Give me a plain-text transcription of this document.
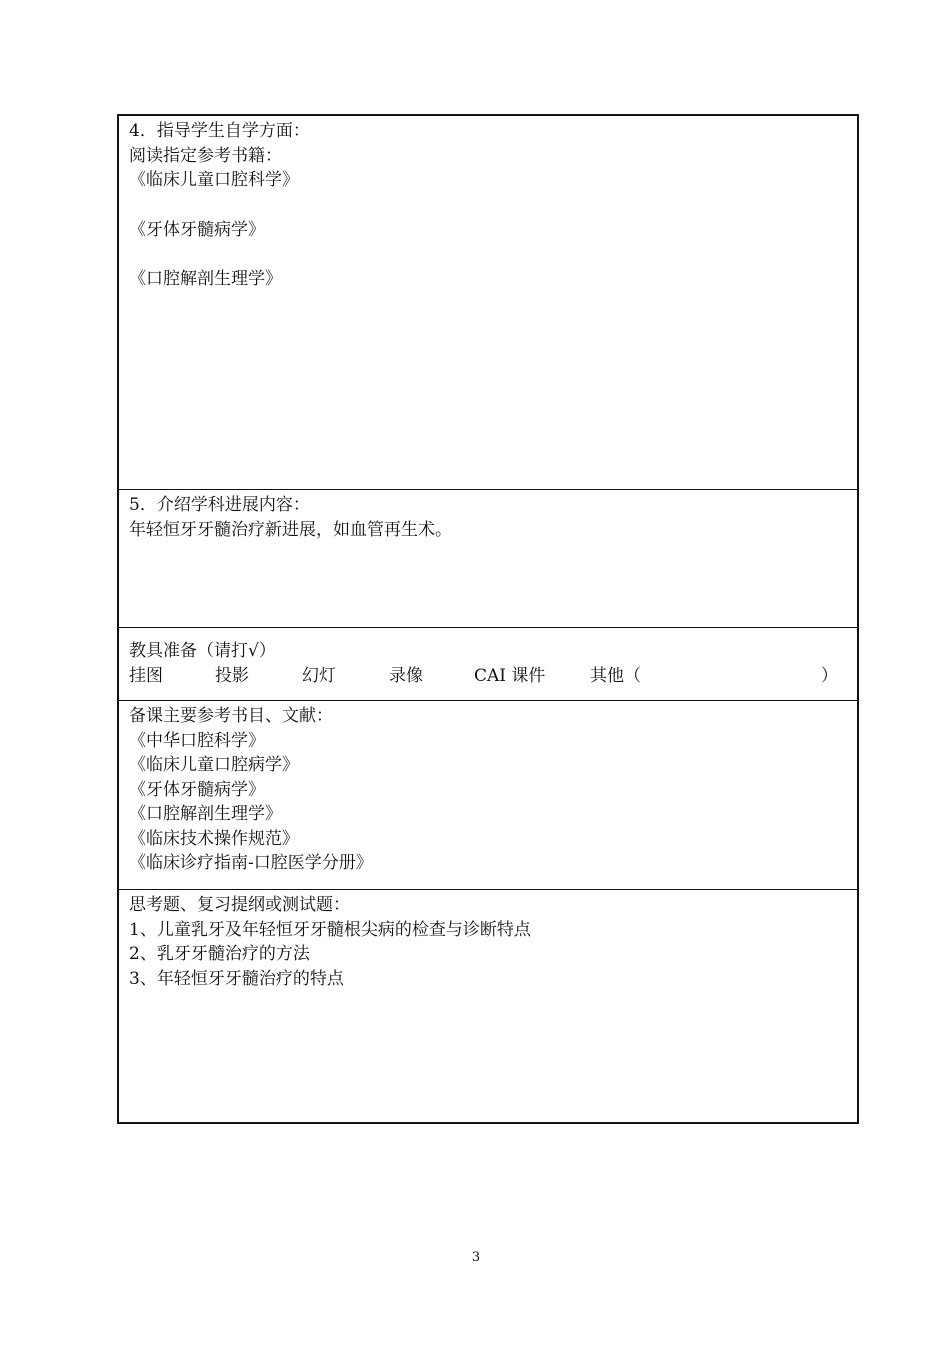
4．指导学生自学方面：
阅读指定参考书籍：
《临床儿童口腔科学》
《牙体牙髓病学》
《口腔解剖生理学》
5．介绍学科进展内容：
年轻恒牙牙髓治疗新进展，如血管再生术。
教具准备（请打√）
挂图	投影	幻灯	录像	CAI 课件	其他（	）
备课主要参考书目、文献：
《中华口腔科学》
《临床儿童口腔病学》
《牙体牙髓病学》
《口腔解剖生理学》
《临床技术操作规范》
《临床诊疗指南-口腔医学分册》
思考题、复习提纲或测试题：
1、儿童乳牙及年轻恒牙牙髓根尖病的检查与诊断特点
2、乳牙牙髓治疗的方法
3、年轻恒牙牙髓治疗的特点
3
